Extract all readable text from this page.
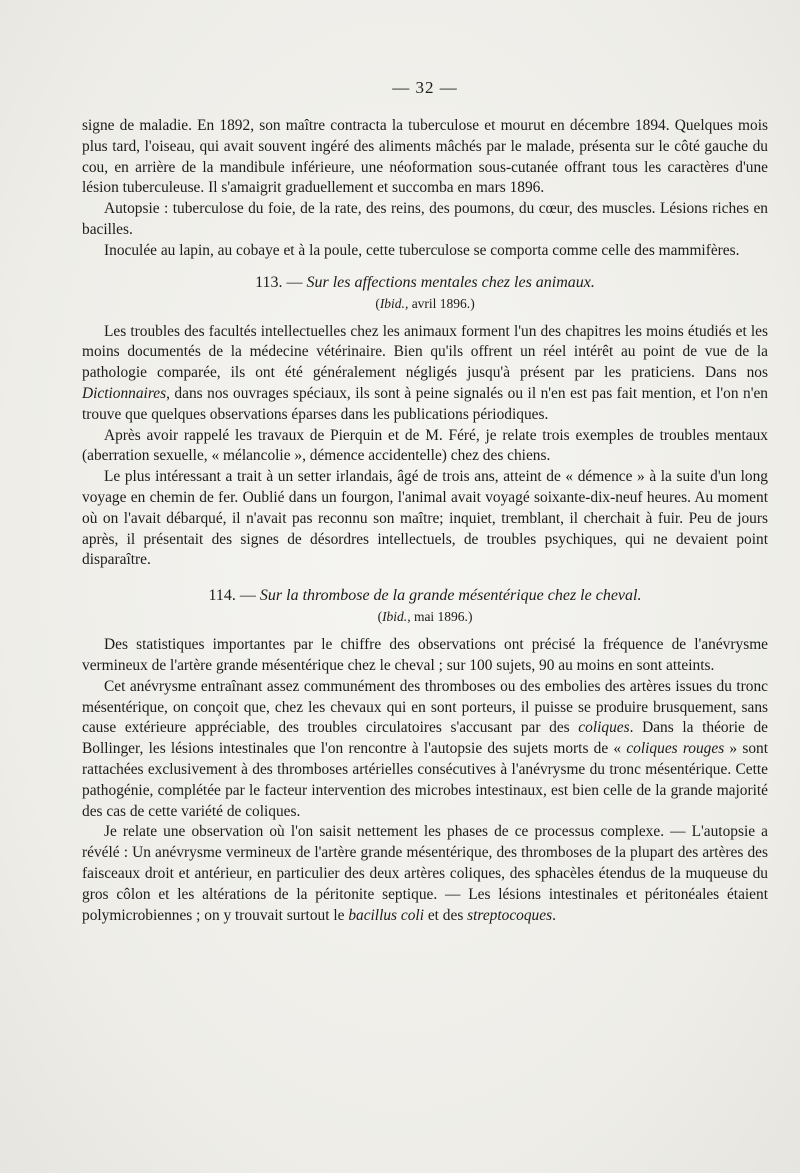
— 32 —

signe de maladie. En 1892, son maître contracta la tuberculose et mourut en décembre 1894. Quelques mois plus tard, l'oiseau, qui avait souvent ingéré des aliments mâchés par le malade, présenta sur le côté gauche du cou, en arrière de la mandibule inférieure, une néoformation sous-cutanée offrant tous les caractères d'une lésion tuberculeuse. Il s'amaigrit graduellement et succomba en mars 1896.

Autopsie : tuberculose du foie, de la rate, des reins, des poumons, du cœur, des muscles. Lésions riches en bacilles.

Inoculée au lapin, au cobaye et à la poule, cette tuberculose se comporta comme celle des mammifères.

113. — Sur les affections mentales chez les animaux.
(Ibid., avril 1896.)

Les troubles des facultés intellectuelles chez les animaux forment l'un des chapitres les moins étudiés et les moins documentés de la médecine vétérinaire. Bien qu'ils offrent un réel intérêt au point de vue de la pathologie comparée, ils ont été généralement négligés jusqu'à présent par les praticiens. Dans nos Dictionnaires, dans nos ouvrages spéciaux, ils sont à peine signalés ou il n'en est pas fait mention, et l'on n'en trouve que quelques observations éparses dans les publications périodiques.

Après avoir rappelé les travaux de Pierquin et de M. Féré, je relate trois exemples de troubles mentaux (aberration sexuelle, « mélancolie », démence accidentelle) chez des chiens.

Le plus intéressant a trait à un setter irlandais, âgé de trois ans, atteint de « démence » à la suite d'un long voyage en chemin de fer. Oublié dans un fourgon, l'animal avait voyagé soixante-dix-neuf heures. Au moment où on l'avait débarqué, il n'avait pas reconnu son maître; inquiet, tremblant, il cherchait à fuir. Peu de jours après, il présentait des signes de désordres intellectuels, de troubles psychiques, qui ne devaient point disparaître.

114. — Sur la thrombose de la grande mésentérique chez le cheval.
(Ibid., mai 1896.)

Des statistiques importantes par le chiffre des observations ont précisé la fréquence de l'anévrysme vermineux de l'artère grande mésentérique chez le cheval ; sur 100 sujets, 90 au moins en sont atteints.

Cet anévrysme entraînant assez communément des thromboses ou des embolies des artères issues du tronc mésentérique, on conçoit que, chez les chevaux qui en sont porteurs, il puisse se produire brusquement, sans cause extérieure appréciable, des troubles circulatoires s'accusant par des coliques. Dans la théorie de Bollinger, les lésions intestinales que l'on rencontre à l'autopsie des sujets morts de « coliques rouges » sont rattachées exclusivement à des thromboses artérielles consécutives à l'anévrysme du tronc mésentérique. Cette pathogénie, complétée par le facteur intervention des microbes intestinaux, est bien celle de la grande majorité des cas de cette variété de coliques.

Je relate une observation où l'on saisit nettement les phases de ce processus complexe. — L'autopsie a révélé : Un anévrysme vermineux de l'artère grande mésentérique, des thromboses de la plupart des artères des faisceaux droit et antérieur, en particulier des deux artères coliques, des sphacèles étendus de la muqueuse du gros côlon et les altérations de la péritonite septique. — Les lésions intestinales et péritonéales étaient polymicrobiennes ; on y trouvait surtout le bacillus coli et des streptocoques.
